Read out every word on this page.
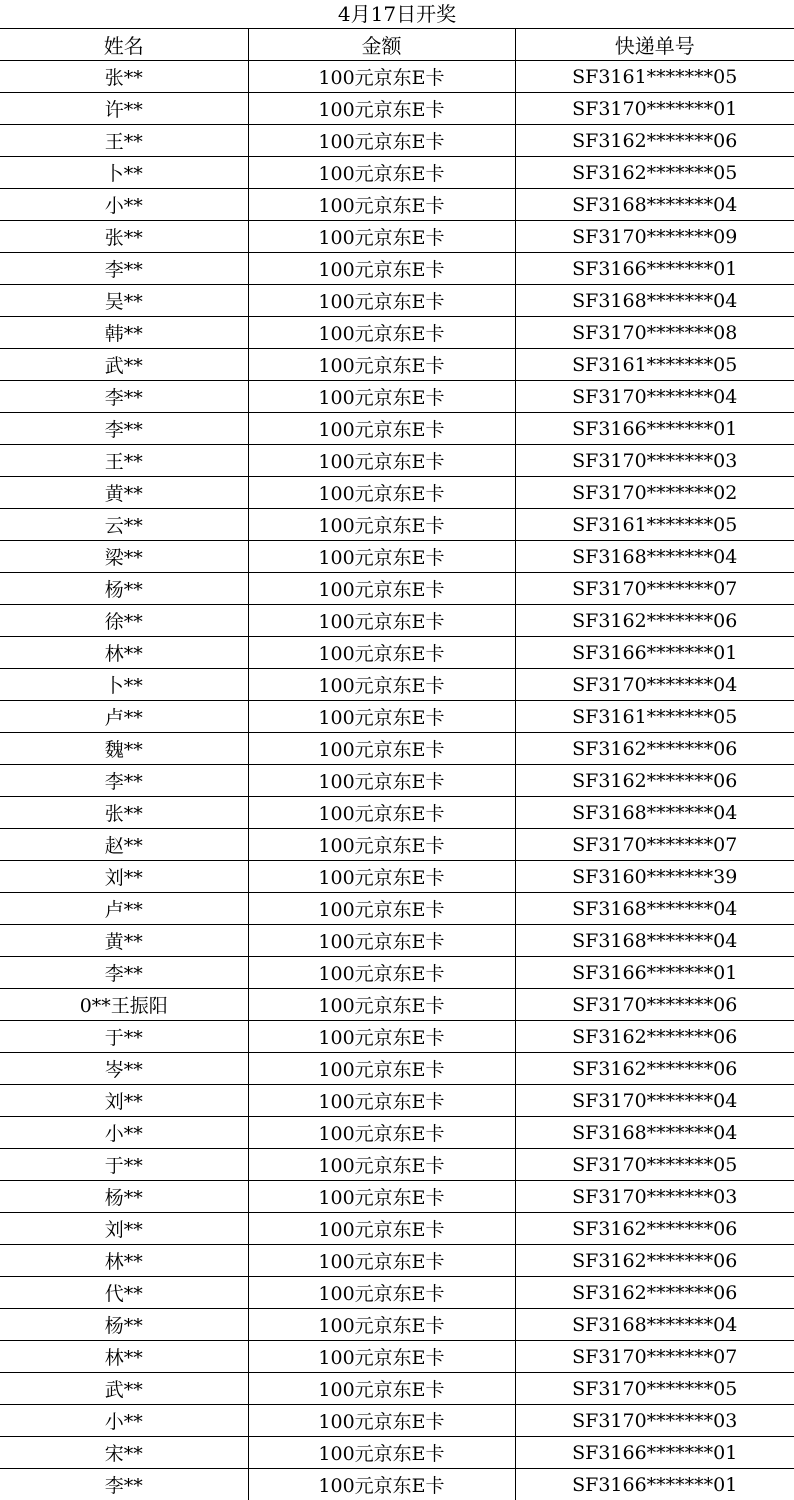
4月17日开奖
姓名	金额	快递单号
张**	100元京东E卡	SF3161*******05
许**	100元京东E卡	SF3170*******01
王**	100元京东E卡	SF3162*******06
卜**	100元京东E卡	SF3162*******05
小**	100元京东E卡	SF3168*******04
张**	100元京东E卡	SF3170*******09
李**	100元京东E卡	SF3166*******01
吴**	100元京东E卡	SF3168*******04
韩**	100元京东E卡	SF3170*******08
武**	100元京东E卡	SF3161*******05
李**	100元京东E卡	SF3170*******04
李**	100元京东E卡	SF3166*******01
王**	100元京东E卡	SF3170*******03
黄**	100元京东E卡	SF3170*******02
云**	100元京东E卡	SF3161*******05
梁**	100元京东E卡	SF3168*******04
杨**	100元京东E卡	SF3170*******07
徐**	100元京东E卡	SF3162*******06
林**	100元京东E卡	SF3166*******01
卜**	100元京东E卡	SF3170*******04
卢**	100元京东E卡	SF3161*******05
魏**	100元京东E卡	SF3162*******06
李**	100元京东E卡	SF3162*******06
张**	100元京东E卡	SF3168*******04
赵**	100元京东E卡	SF3170*******07
刘**	100元京东E卡	SF3160*******39
卢**	100元京东E卡	SF3168*******04
黄**	100元京东E卡	SF3168*******04
李**	100元京东E卡	SF3166*******01
0**王振阳	100元京东E卡	SF3170*******06
于**	100元京东E卡	SF3162*******06
岑**	100元京东E卡	SF3162*******06
刘**	100元京东E卡	SF3170*******04
小**	100元京东E卡	SF3168*******04
于**	100元京东E卡	SF3170*******05
杨**	100元京东E卡	SF3170*******03
刘**	100元京东E卡	SF3162*******06
林**	100元京东E卡	SF3162*******06
代**	100元京东E卡	SF3162*******06
杨**	100元京东E卡	SF3168*******04
林**	100元京东E卡	SF3170*******07
武**	100元京东E卡	SF3170*******05
小**	100元京东E卡	SF3170*******03
宋**	100元京东E卡	SF3166*******01
李**	100元京东E卡	SF3166*******01
